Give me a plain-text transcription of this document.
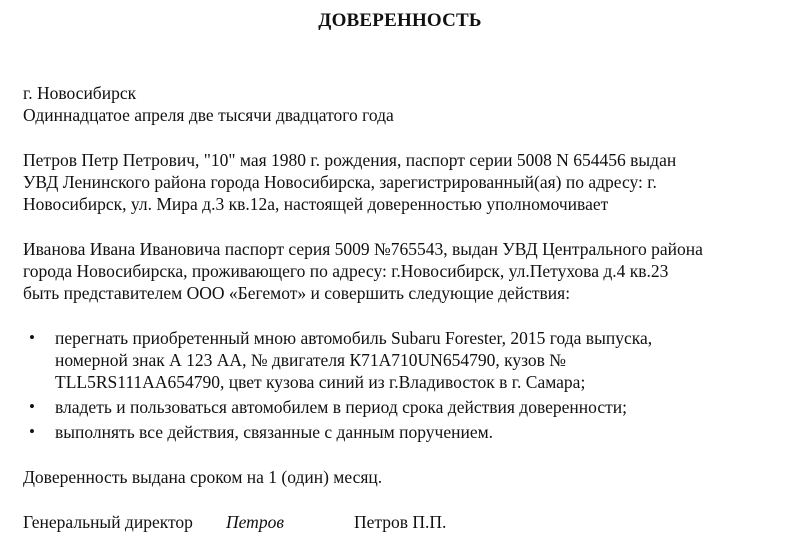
ДОВЕРЕННОСТЬ
г. Новосибирск
Одиннадцатое апреля две тысячи двадцатого года
Петров Петр Петрович, "10" мая 1980 г. рождения, паспорт серии 5008 N 654456 выдан
УВД Ленинского района города Новосибирска, зарегистрированный(ая) по адресу: г.
Новосибирск, ул. Мира д.3 кв.12а, настоящей доверенностью уполномочивает
Иванова Ивана Ивановича паспорт серия 5009 №765543, выдан УВД Центрального района
города Новосибирска, проживающего по адресу: г.Новосибирск, ул.Петухова д.4 кв.23
быть представителем ООО «Бегемот» и совершить следующие действия:
• перегнать приобретенный мною автомобиль Subaru Forester, 2015 года выпуска,
номерной знак А 123 АА, № двигателя К71А710UN654790, кузов №
TLL5RS111AA654790, цвет кузова синий из г.Владивосток в г. Самара;
• владеть и пользоваться автомобилем в период срока действия доверенности;
• выполнять все действия, связанные с данным поручением.
Доверенность выдана сроком на 1 (один) месяц.
Генеральный директор Петров	Петров П.П.
